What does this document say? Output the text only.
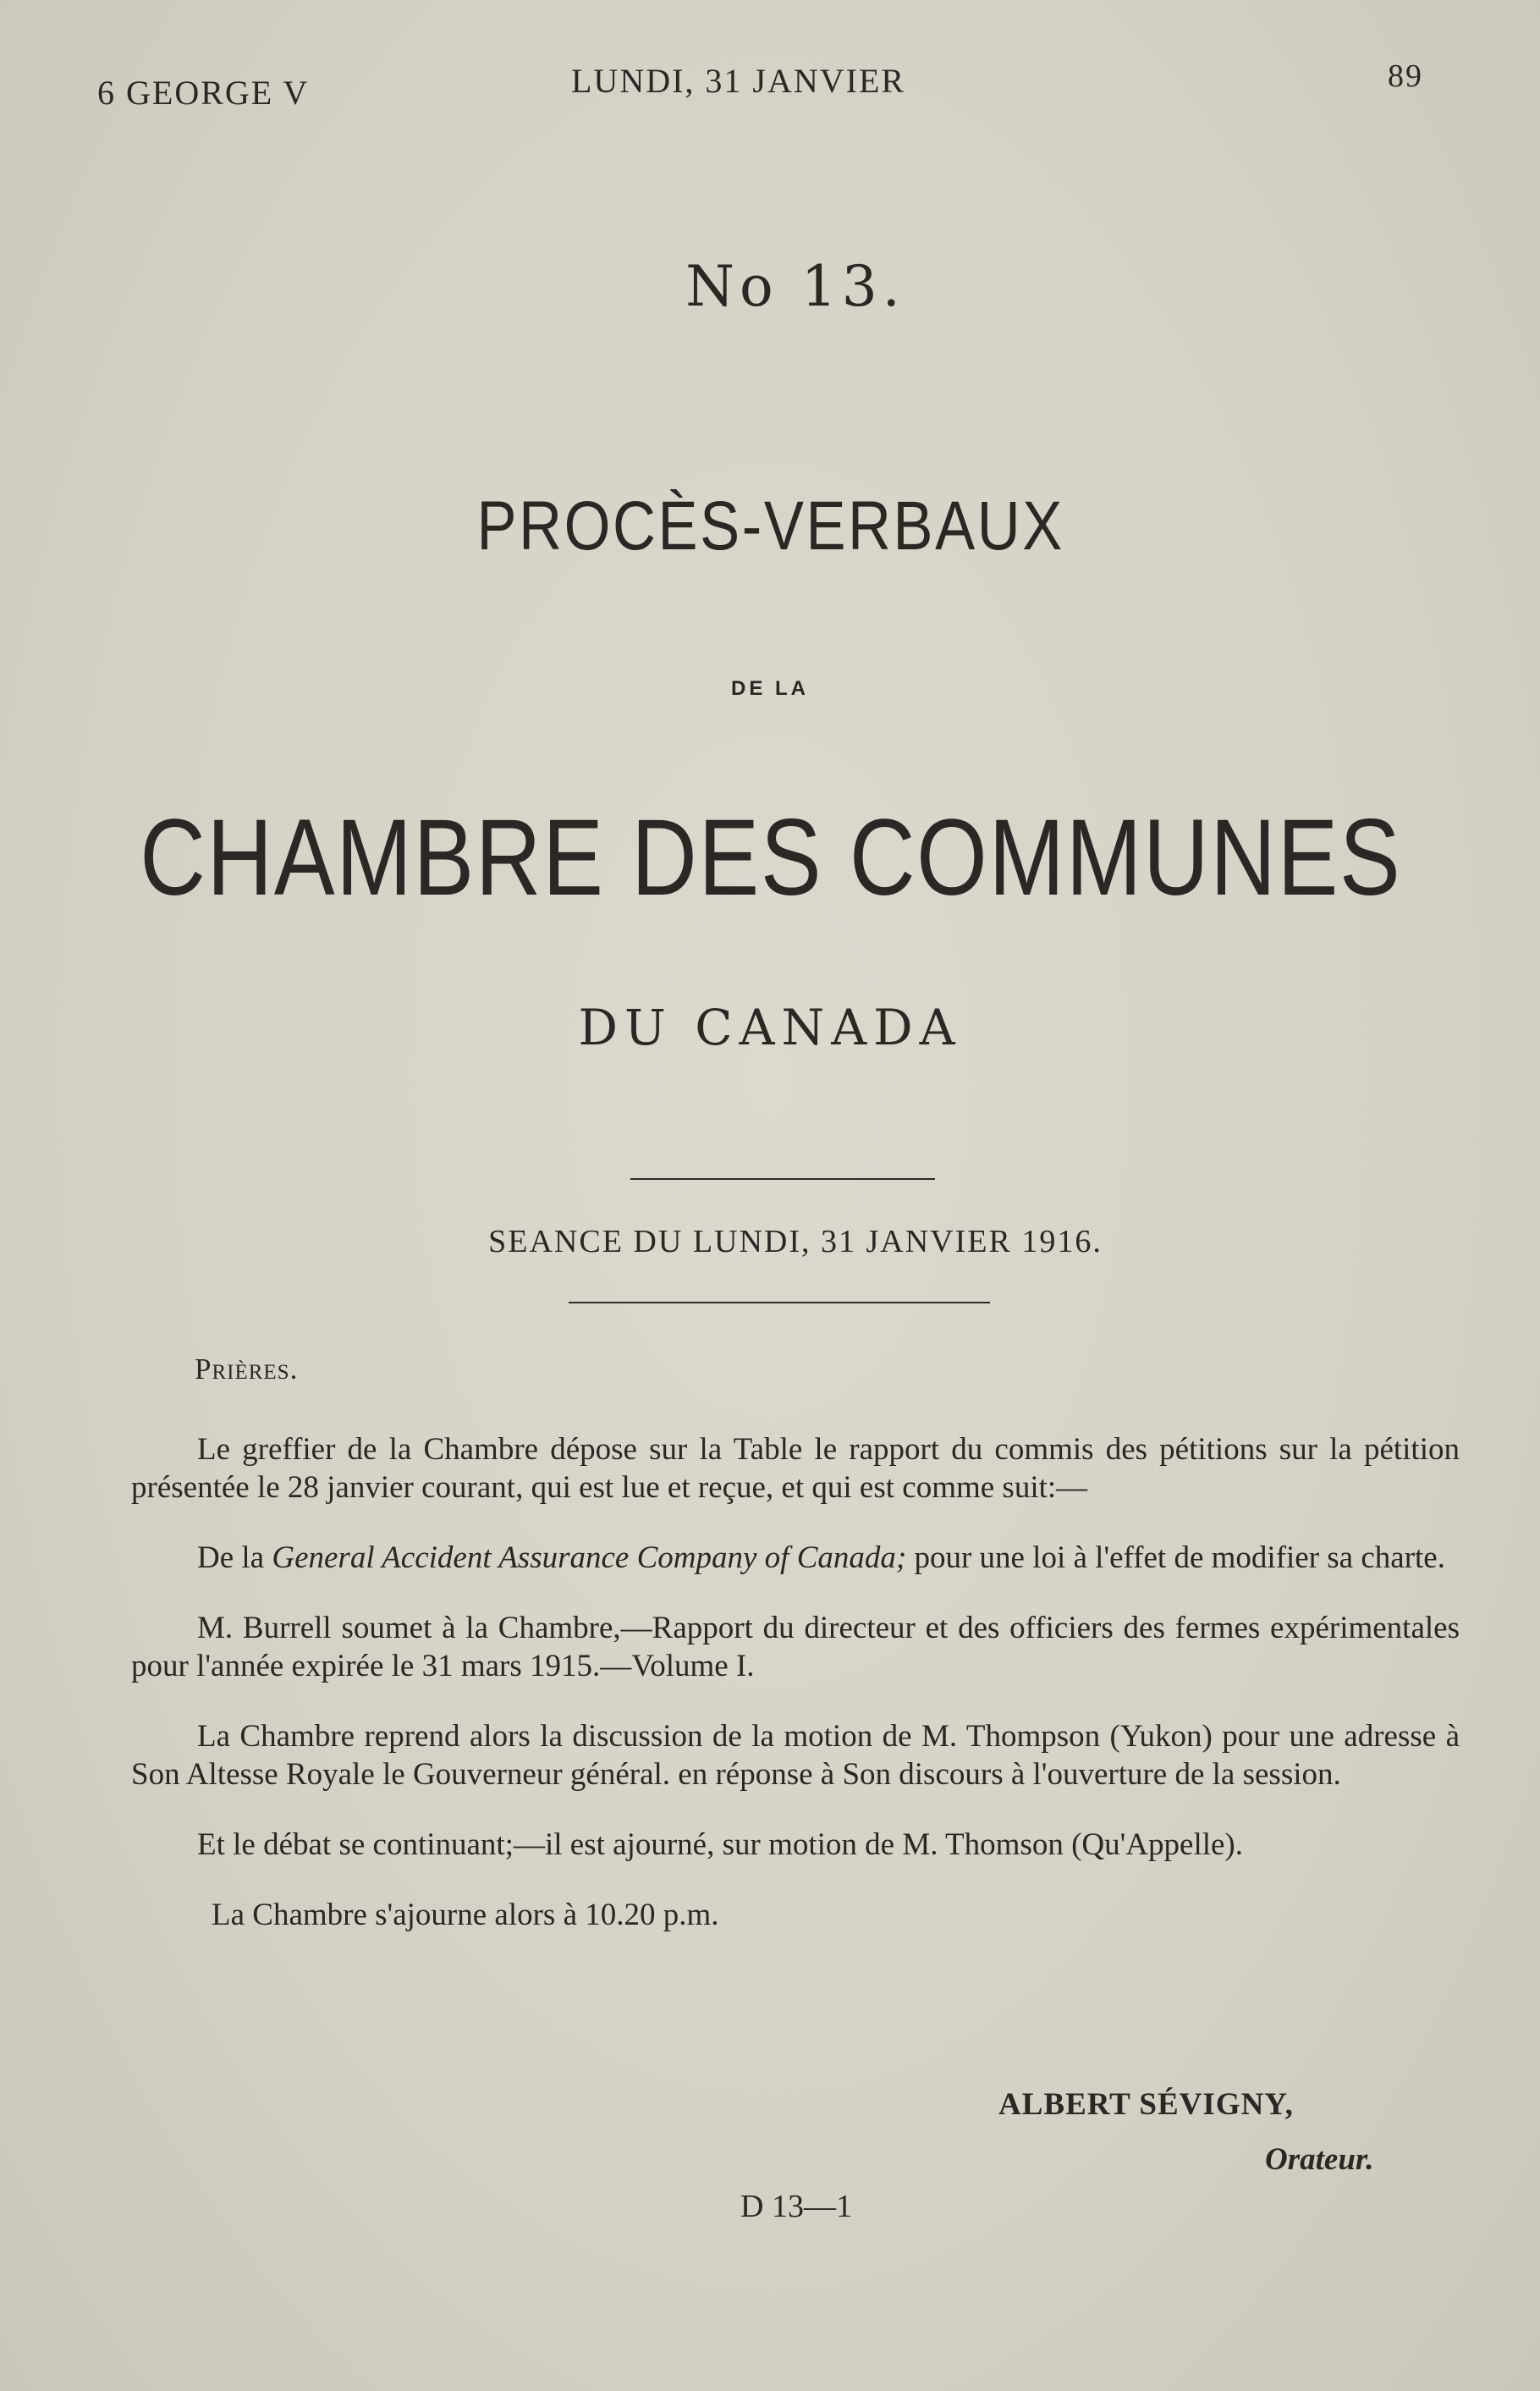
6 GEORGE V	LUNDI, 31 JANVIER	89
No 13.
PROCÈS-VERBAUX
DE LA
CHAMBRE DES COMMUNES
DU CANADA
SEANCE DU LUNDI, 31 JANVIER 1916.

Prières.

Le greffier de la Chambre dépose sur la Table le rapport du commis des pétitions sur la pétition présentée le 28 janvier courant, qui est lue et reçue, et qui est comme suit:—

De la General Accident Assurance Company of Canada; pour une loi à l'effet de modifier sa charte.

M. Burrell soumet à la Chambre,—Rapport du directeur et des officiers des fermes expérimentales pour l'année expirée le 31 mars 1915.—Volume I.

La Chambre reprend alors la discussion de la motion de M. Thompson (Yukon) pour une adresse à Son Altesse Royale le Gouverneur général. en réponse à Son discours à l'ouverture de la session.

Et le débat se continuant;—il est ajourné, sur motion de M. Thomson (Qu'Appelle).

La Chambre s'ajourne alors à 10.20 p.m.

ALBERT SÉVIGNY,
Orateur.
D 13—1
